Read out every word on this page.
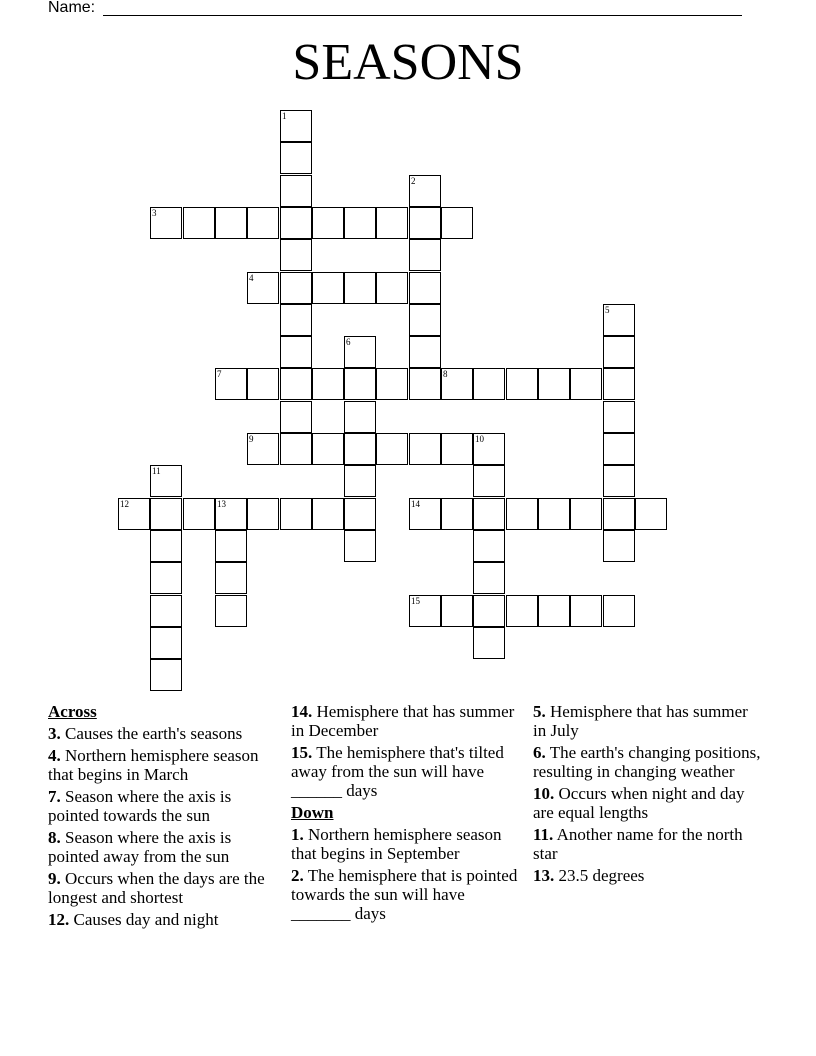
Name:
SEASONS
1
2
3
4
5
6
7	8
9	10
11
12	13	14
15
Across
3. Causes the earth's seasons
4. Northern hemisphere season that begins in March
7. Season where the axis is pointed towards the sun
8. Season where the axis is pointed away from the sun
9. Occurs when the days are the longest and shortest
12. Causes day and night
14. Hemisphere that has summer in December
15. The hemisphere that's tilted away from the sun will have ______ days
Down
1. Northern hemisphere season that begins in September
2. The hemisphere that is pointed towards the sun will have _______ days
5. Hemisphere that has summer in July
6. The earth's changing positions, resulting in changing weather
10. Occurs when night and day are equal lengths
11. Another name for the north star
13. 23.5 degrees
